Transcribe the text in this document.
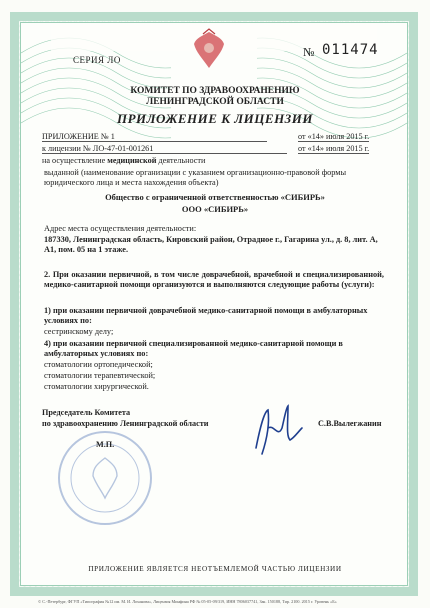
СЕРИЯ ЛО
№ 011474
КОМИТЕТ ПО ЗДРАВООХРАНЕНИЮ
ЛЕНИНГРАДСКОЙ ОБЛАСТИ
ПРИЛОЖЕНИЕ К ЛИЦЕНЗИИ
ПРИЛОЖЕНИЕ № 1	от «14» июля 2015 г.
к лицензии № ЛО-47-01-001261	от «14» июля 2015 г.
на осуществление медицинской деятельности
выданной (наименование организации с указанием организационно-правовой формы юридического лица и места нахождения объекта)
Общество с ограниченной ответственностью «СИБИРЬ»
ООО «СИБИРЬ»
Адрес места осуществления деятельности:
187330, Ленинградская область, Кировский район, Отрадное г., Гагарина ул., д. 8, лит. А, А1, пом. 05 на 1 этаже.
2. При оказании первичной, в том числе доврачебной, врачебной и специализированной, медико-санитарной помощи организуются и выполняются следующие работы (услуги):
1) при оказании первичной доврачебной медико-санитарной помощи в амбулаторных условиях по:
сестринскому делу;
4) при оказании первичной специализированной медико-санитарной помощи в амбулаторных условиях по:
стоматологии ортопедической;
стоматологии терапевтической;
стоматологии хирургической.
Председатель Комитета
по здравоохранению Ленинградской области	С.В.Вылегжанин
М.П.
ПРИЛОЖЕНИЕ ЯВЛЯЕТСЯ НЕОТЪЕМЛЕМОЙ ЧАСТЬЮ ЛИЦЕНЗИИ
© С.-Петербург, ФГУП «Типография №12 им. М. И. Лоханова», Лицензия Минфина РФ № 05-05-09/319, ИНН 7806037741, Зак. 150188, Тир. 2100. 2015 г. Уровень «Б»
